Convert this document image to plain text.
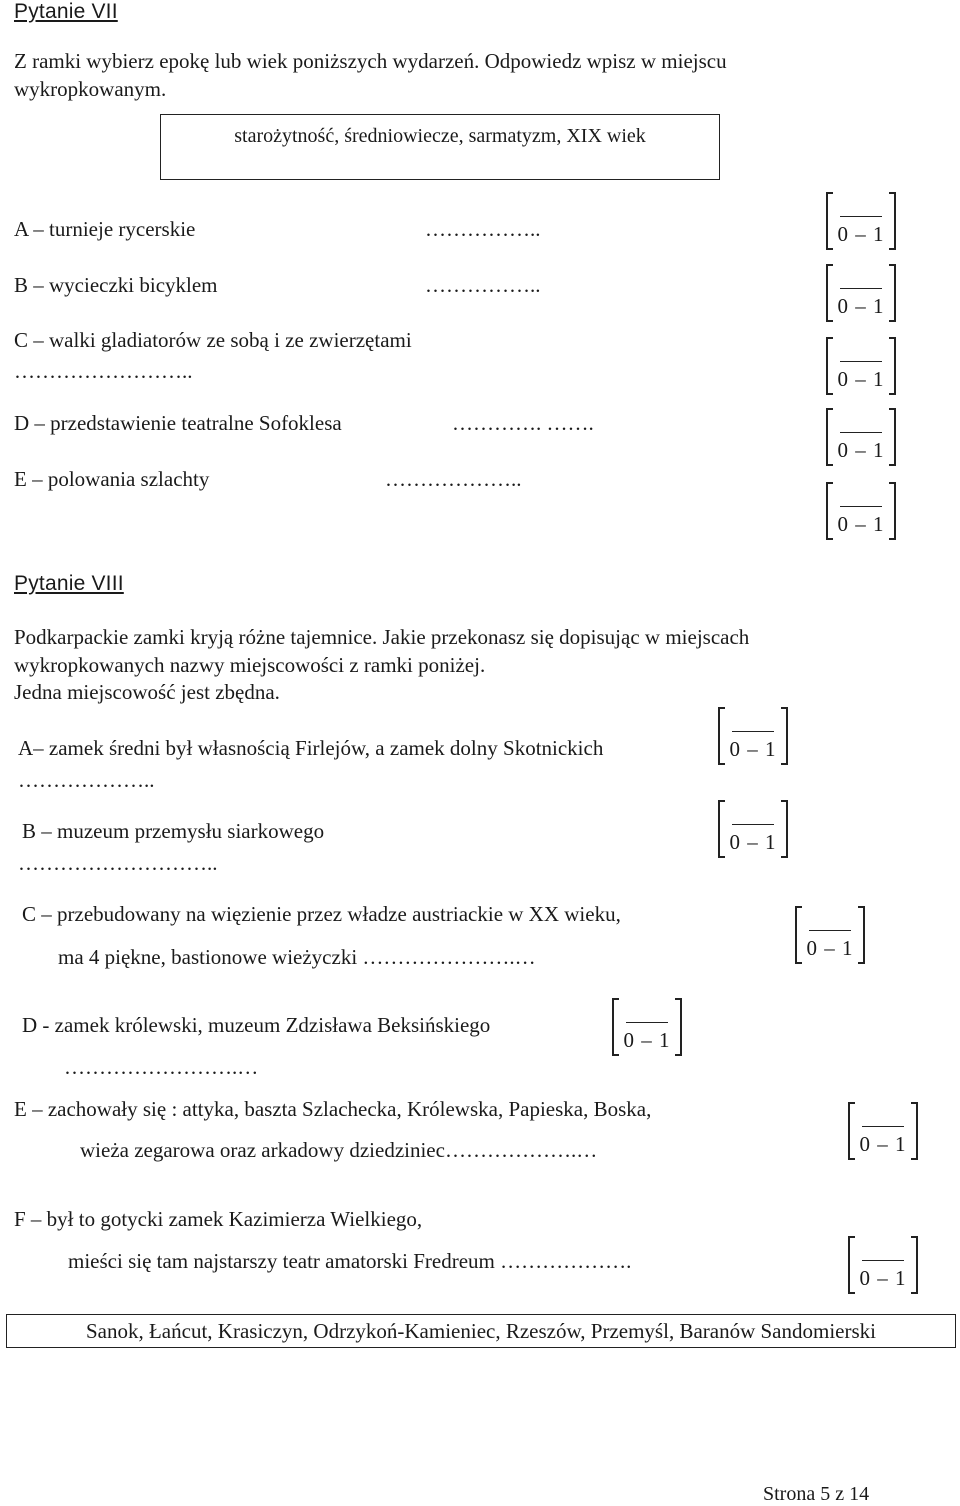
Pytanie VII
Z ramki wybierz epokę lub wiek poniższych wydarzeń. Odpowiedz wpisz w miejscu
wykropkowanym.
starożytność, średniowiecze, sarmatyzm, XIX wiek
A – turnieje rycerskie	……………..
B – wycieczki bicyklem	……………..
C – walki gladiatorów ze sobą i ze zwierzętami
……………………..
D – przedstawienie teatralne Sofoklesa	…………. …….
E – polowania szlachty	………………..
0 – 1
0 – 1
0 – 1
0 – 1
0 – 1
Pytanie VIII
Podkarpackie zamki kryją różne tajemnice. Jakie przekonasz się dopisując w miejscach
wykropkowanych nazwy miejscowości z ramki poniżej.
Jedna miejscowość jest zbędna.
A– zamek średni był własnością Firlejów, a zamek dolny Skotnickich
………………..
B – muzeum przemysłu siarkowego
………………………..
C – przebudowany na więzienie przez władze austriackie w XX wieku,
ma 4 piękne, bastionowe wieżyczki ………………….…
D - zamek królewski, muzeum Zdzisława Beksińskiego
…………………….…
E – zachowały się : attyka, baszta Szlachecka, Królewska, Papieska, Boska,
wieża zegarowa oraz arkadowy dziedziniec……………….…
F – był to gotycki zamek Kazimierza Wielkiego,
mieści się tam najstarszy teatr amatorski Fredreum ……………….
0 – 1
0 – 1
0 – 1
0 – 1
0 – 1
0 – 1
Sanok, Łańcut, Krasiczyn, Odrzykoń-Kamieniec, Rzeszów, Przemyśl, Baranów Sandomierski
Strona 5 z 14
